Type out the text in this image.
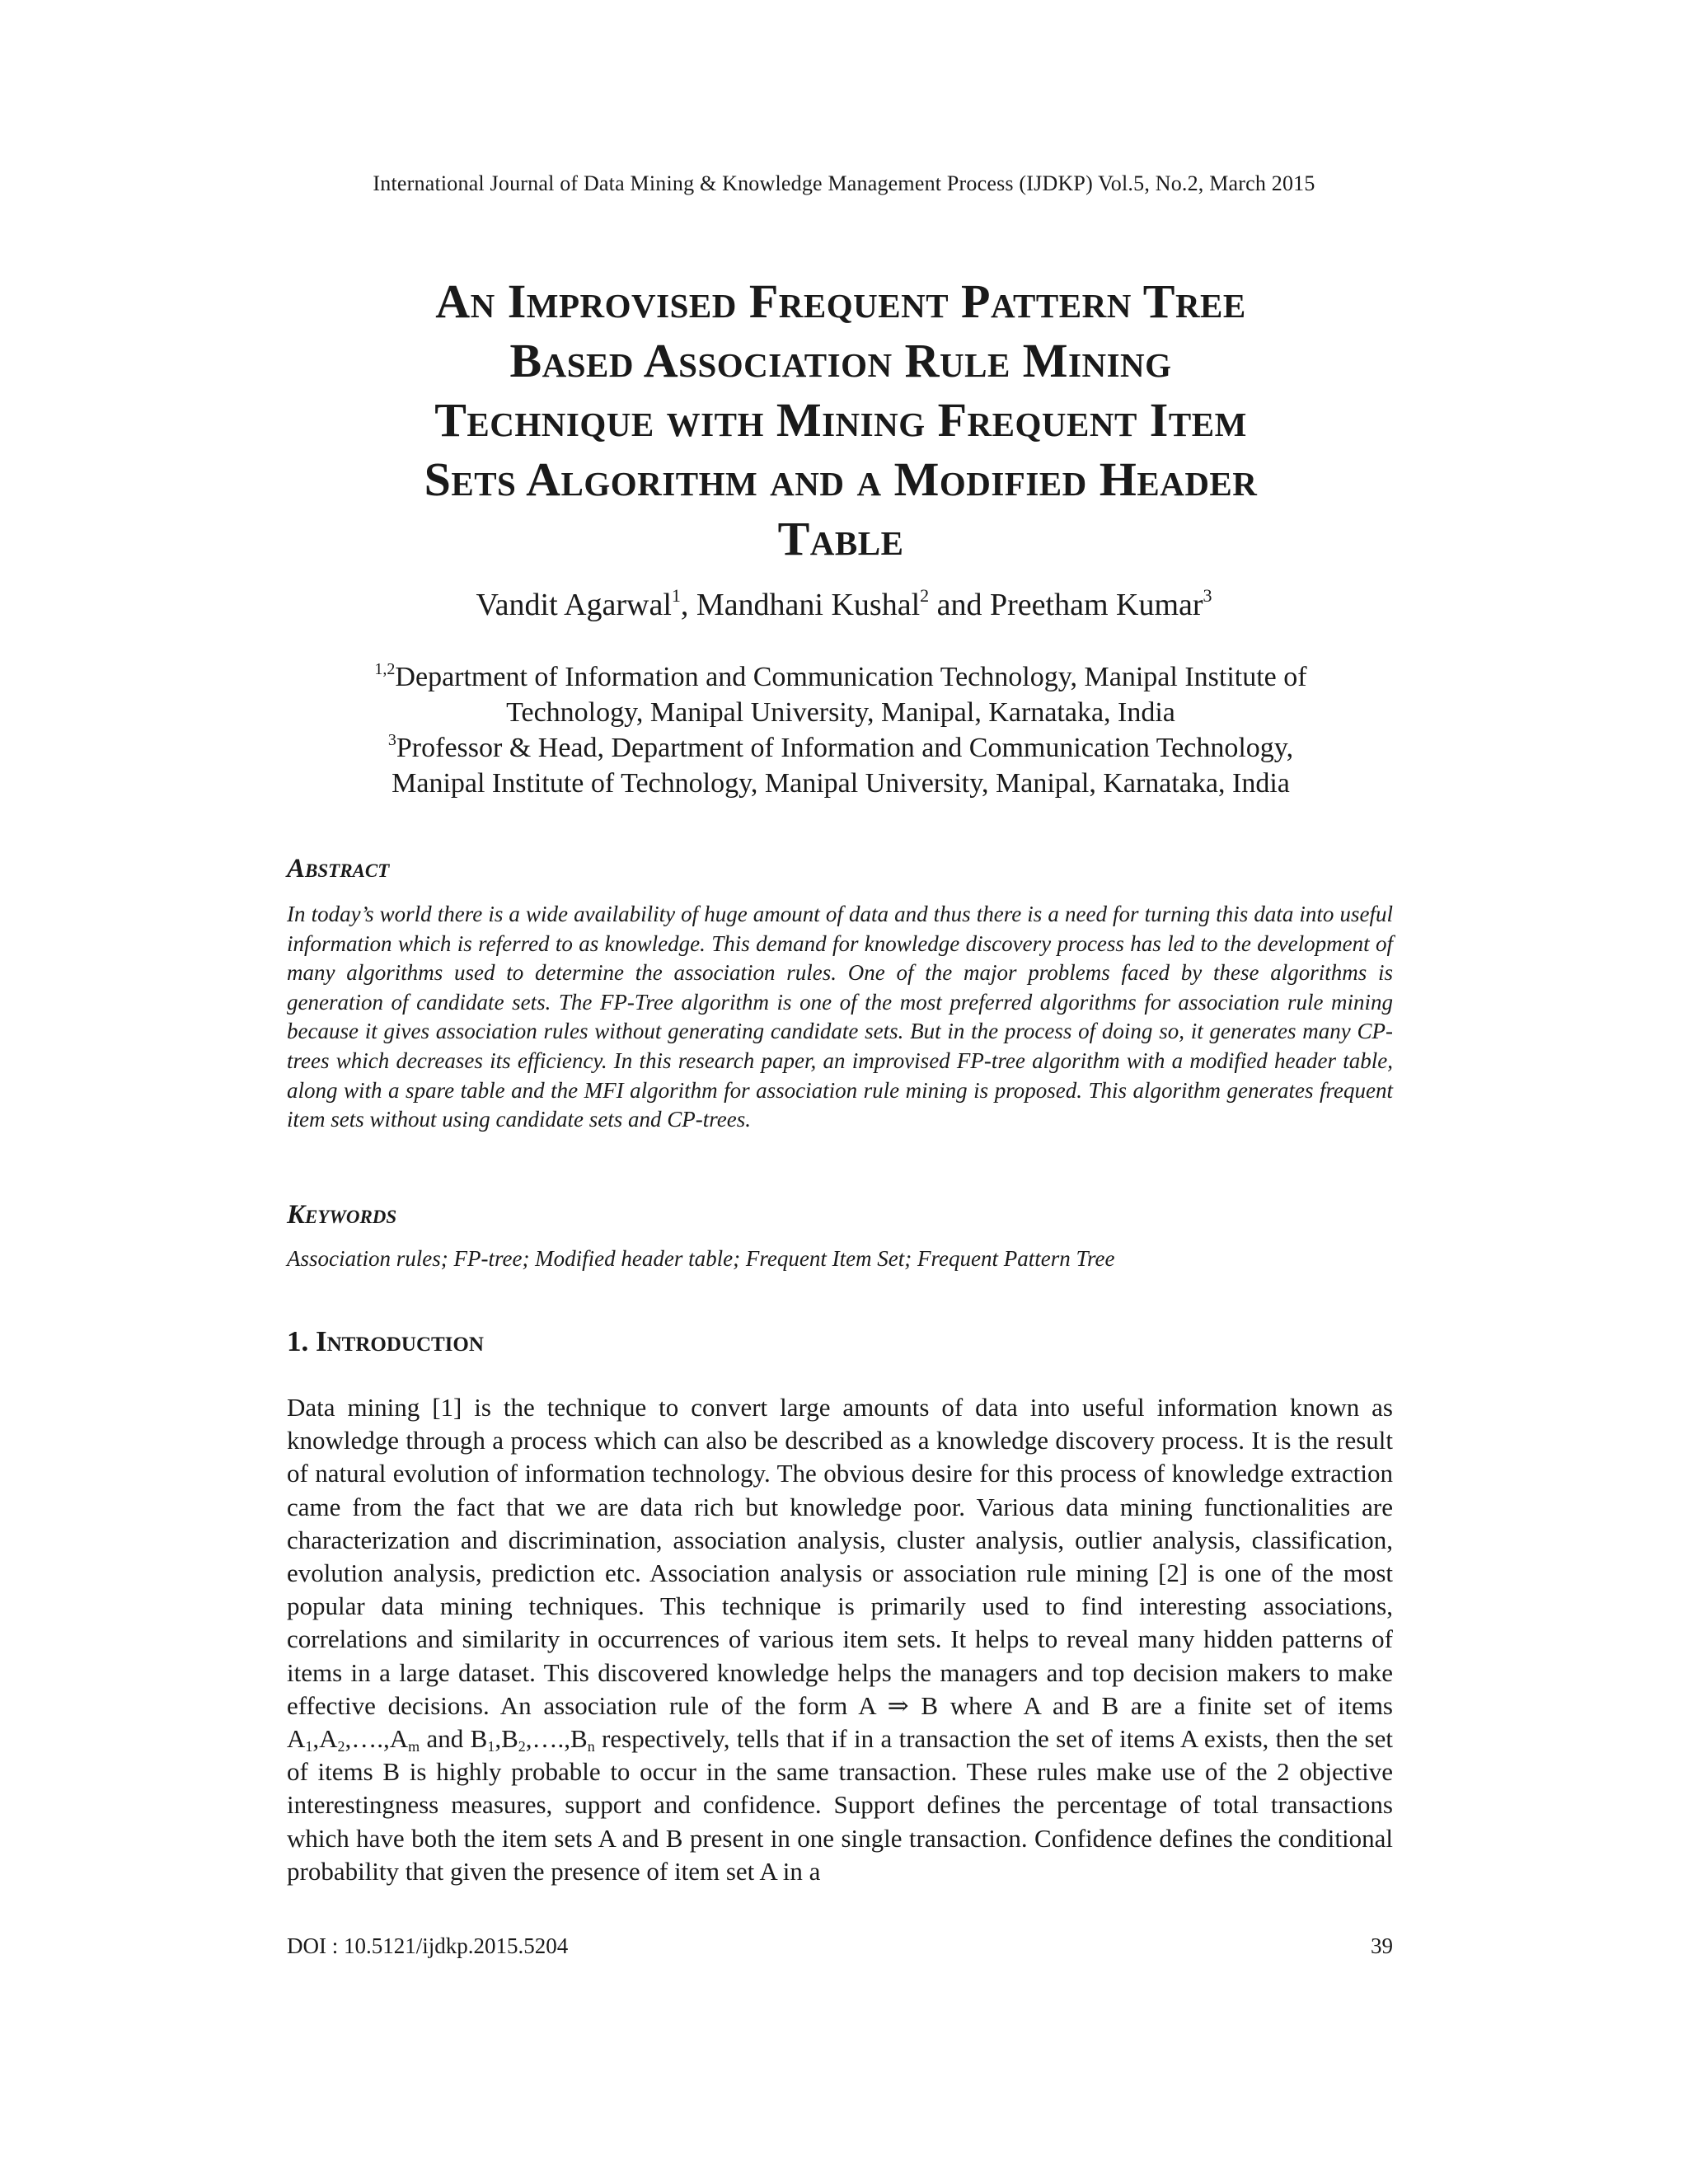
International Journal of Data Mining & Knowledge Management Process (IJDKP) Vol.5, No.2, March 2015
An Improvised Frequent Pattern Tree
Based Association Rule Mining
Technique with Mining Frequent Item
Sets Algorithm and a Modified Header
Table
Vandit Agarwal$^1$, Mandhani Kushal$^2$ and Preetham Kumar$^3$
$^{1,2}$Department of Information and Communication Technology, Manipal Institute of
Technology, Manipal University, Manipal, Karnataka, India
$^3$Professor & Head, Department of Information and Communication Technology,
Manipal Institute of Technology, Manipal University, Manipal, Karnataka, India
Abstract
In today’s world there is a wide availability of huge amount of data and thus there is a need for turning this data into useful information which is referred to as knowledge. This demand for knowledge discovery process has led to the development of many algorithms used to determine the association rules. One of the major problems faced by these algorithms is generation of candidate sets. The FP-Tree algorithm is one of the most preferred algorithms for association rule mining because it gives association rules without generating candidate sets. But in the process of doing so, it generates many CP-trees which decreases its efficiency. In this research paper, an improvised FP-tree algorithm with a modified header table, along with a spare table and the MFI algorithm for association rule mining is proposed. This algorithm generates frequent item sets without using candidate sets and CP-trees.
Keywords
Association rules; FP-tree; Modified header table; Frequent Item Set; Frequent Pattern Tree
1. Introduction
Data mining [1] is the technique to convert large amounts of data into useful information known as knowledge through a process which can also be described as a knowledge discovery process. It is the result of natural evolution of information technology. The obvious desire for this process of knowledge extraction came from the fact that we are data rich but knowledge poor. Various data mining functionalities are characterization and discrimination, association analysis, cluster analysis, outlier analysis, classification, evolution analysis, prediction etc. Association analysis or association rule mining [2] is one of the most popular data mining techniques. This technique is primarily used to find interesting associations, correlations and similarity in occurrences of various item sets. It helps to reveal many hidden patterns of items in a large dataset. This discovered knowledge helps the managers and top decision makers to make effective decisions. An association rule of the form A ⇒ B where A and B are a finite set of items $A_1,A_2,\dots.,A_m$ and $B_1,B_2,\dots.,B_n$ respectively, tells that if in a transaction the set of items A exists, then the set of items B is highly probable to occur in the same transaction. These rules make use of the 2 objective interestingness measures, support and confidence. Support defines the percentage of total transactions which have both the item sets A and B present in one single transaction. Confidence defines the conditional probability that given the presence of item set A in a
DOI : 10.5121/ijdkp.2015.5204	39
